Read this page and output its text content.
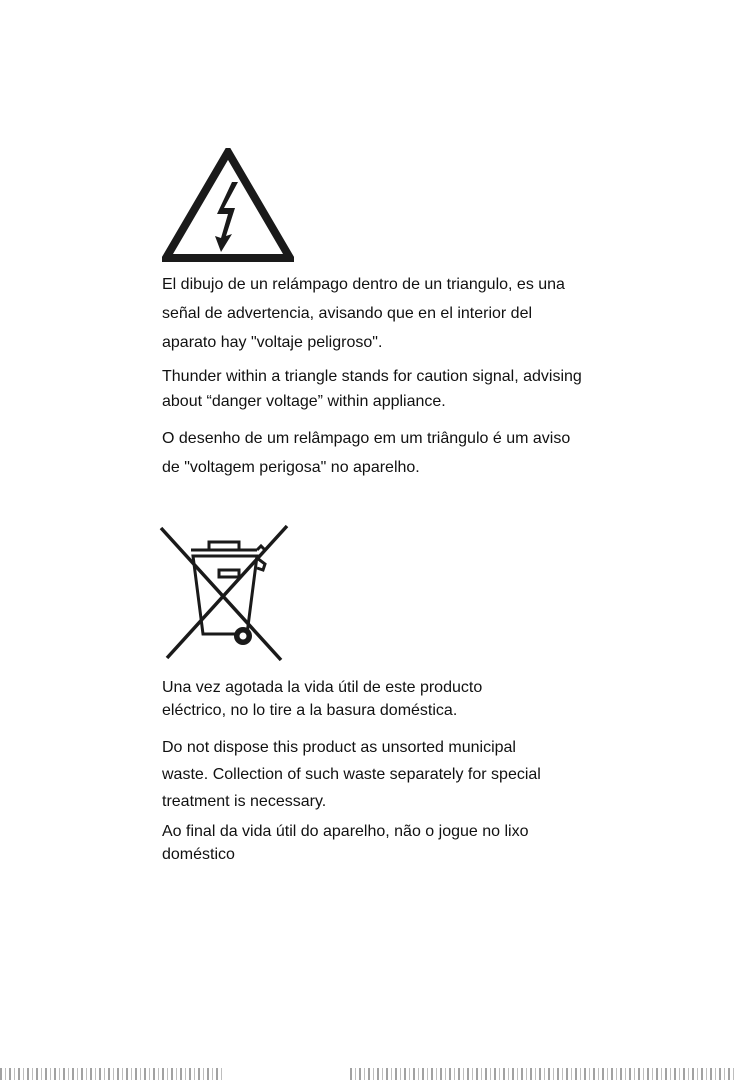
El dibujo de un relámpago dentro de un triangulo, es una

señal de advertencia, avisando que en el interior del

aparato hay "voltaje peligroso".

Thunder within a triangle stands for caution signal, advising

about “danger voltage” within appliance.

O desenho de um relâmpago em um triângulo é um aviso

de "voltagem perigosa" no aparelho.

Una vez agotada la vida útil de este producto

eléctrico, no lo tire a la basura doméstica.

Do not dispose this product as unsorted municipal

waste. Collection of such waste separately for special

treatment is necessary.

Ao final da vida útil do aparelho, não o jogue no lixo

doméstico
